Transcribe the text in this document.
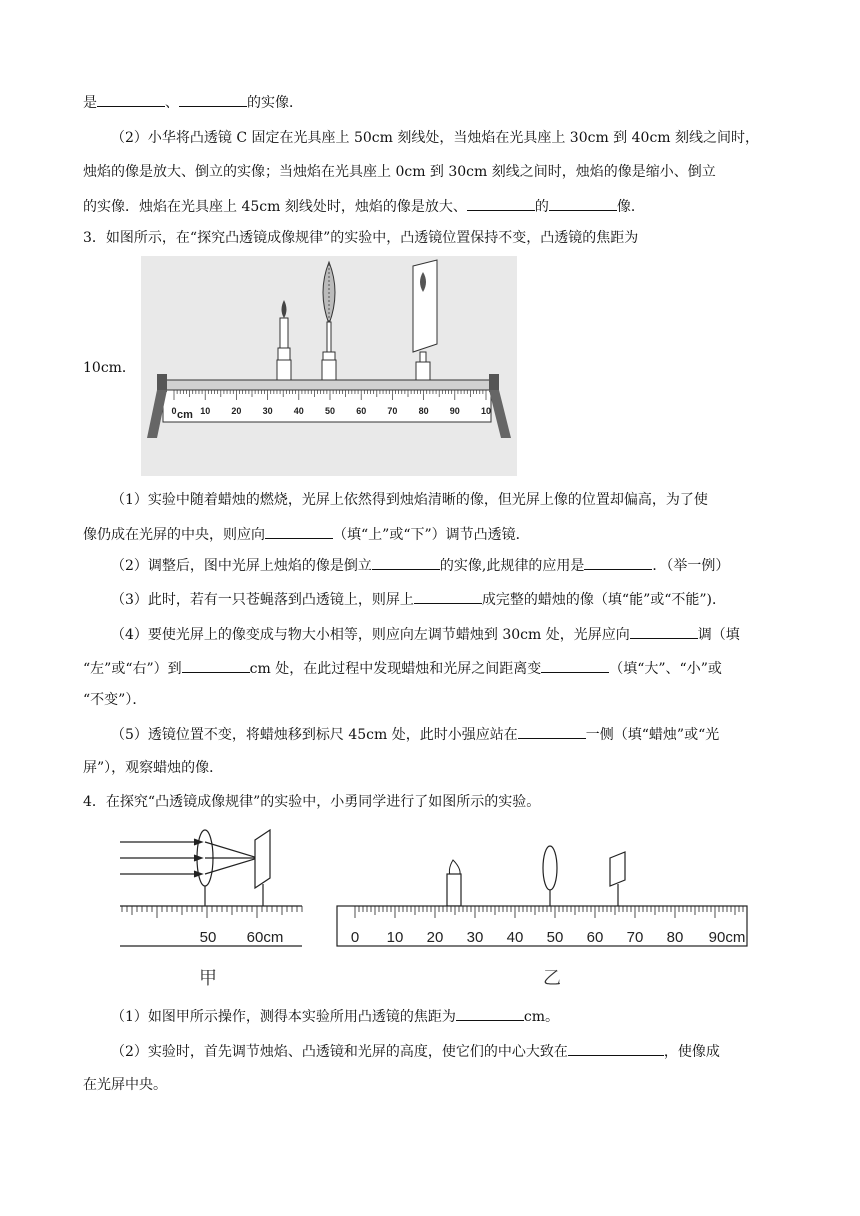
是	、	的实像．
（2）小华将凸透镜 C 固定在光具座上 50cm 刻线处，当烛焰在光具座上 30cm 到 40cm 刻线之间时，
烛焰的像是放大、倒立的实像；当烛焰在光具座上 0cm 到 30cm 刻线之间时，烛焰的像是缩小、倒立
的实像．烛焰在光具座上 45cm 刻线处时，烛焰的像是放大、	的	像．
3．如图所示，在“探究凸透镜成像规律”的实验中，凸透镜位置保持不变，凸透镜的焦距为
10cm．
0	10 20 30 40 50 60 70 80 90 10
cm
（1）实验中随着蜡烛的燃烧，光屏上依然得到烛焰清晰的像，但光屏上像的位置却偏高，为了使
像仍成在光屏的中央，则应向	（填“上”或“下”）调节凸透镜．
（2）调整后，图中光屏上烛焰的像是倒立	的实像,此规律的应用是	．（举一例）
（3）此时，若有一只苍蝇落到凸透镜上，则屏上	成完整的蜡烛的像（填“能”或“不能”)．
（4）要使光屏上的像变成与物大小相等，则应向左调节蜡烛到 30cm 处，光屏应向	调（填
“左”或“右”）到	cm 处，在此过程中发现蜡烛和光屏之间距离变	（填“大”、“小”或
“不变”）．
（5）透镜位置不变，将蜡烛移到标尺 45cm 处，此时小强应站在	一侧（填“蜡烛”或“光
屏”），观察蜡烛的像．
4．在探究“凸透镜成像规律”的实验中，小勇同学进行了如图所示的实验。
50 60cm
甲
0 10 20 30 40 50 60 70 80 90cm
乙
（1）如图甲所示操作，测得本实验所用凸透镜的焦距为	cm。
（2）实验时，首先调节烛焰、凸透镜和光屏的高度，使它们的中心大致在	，使像成
在光屏中央。
